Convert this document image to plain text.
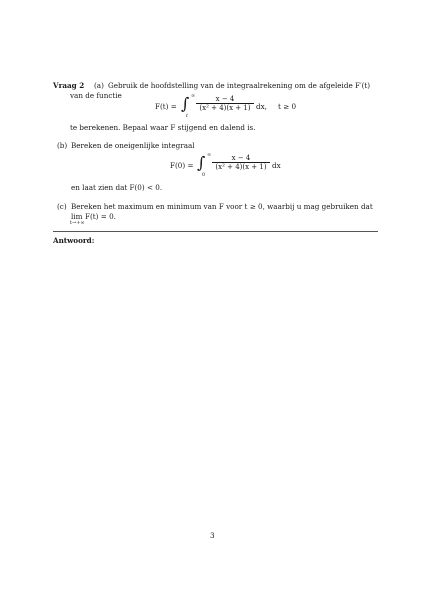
Vraag 2 (a) Gebruik de hoofdstelling van de integraalrekening om de afgeleide F′(t)
van de functie
F(t) = ∫ ∞
t
x − 4
(x² + 4)(x + 1) dx, t ≥ 0
te berekenen. Bepaal waar F stijgend en dalend is.
(b) Bereken de oneigenlijke integraal
F(0) = ∫ ∞
0
x − 4
(x² + 4)(x + 1) dx
en laat zien dat F(0) < 0.
(c) Bereken het maximum en minimum van F voor t ≥ 0, waarbij u mag gebruiken dat
lim
t→+∞
F(t) = 0.
Antwoord:
3
